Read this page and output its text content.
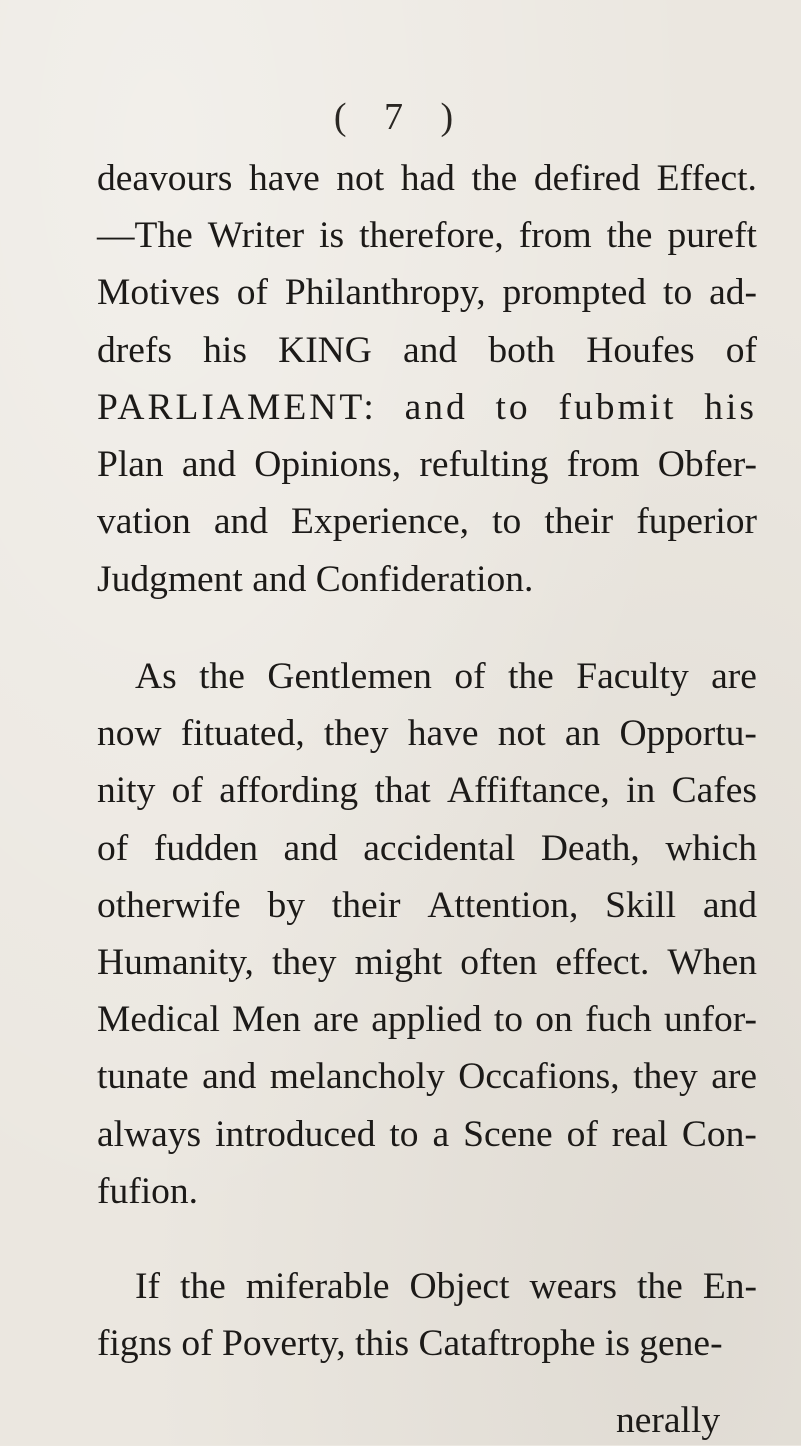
( 7 )
deavours have not had the defired Effect.
—The Writer is therefore, from the pureft
Motives of Philanthropy, prompted to ad-
drefs his KING and both Houfes of
PARLIAMENT: and to fubmit his
Plan and Opinions, refulting from Obfer-
vation and Experience, to their fuperior
Judgment and Confideration.
As the Gentlemen of the Faculty are
now fituated, they have not an Opportu-
nity of affording that Affiftance, in Cafes
of fudden and accidental Death, which
otherwife by their Attention, Skill and
Humanity, they might often effect. When
Medical Men are applied to on fuch unfor-
tunate and melancholy Occafions, they are
always introduced to a Scene of real Con-
fufion.
If the miferable Object wears the En-
figns of Poverty, this Cataftrophe is gene-
nerally
